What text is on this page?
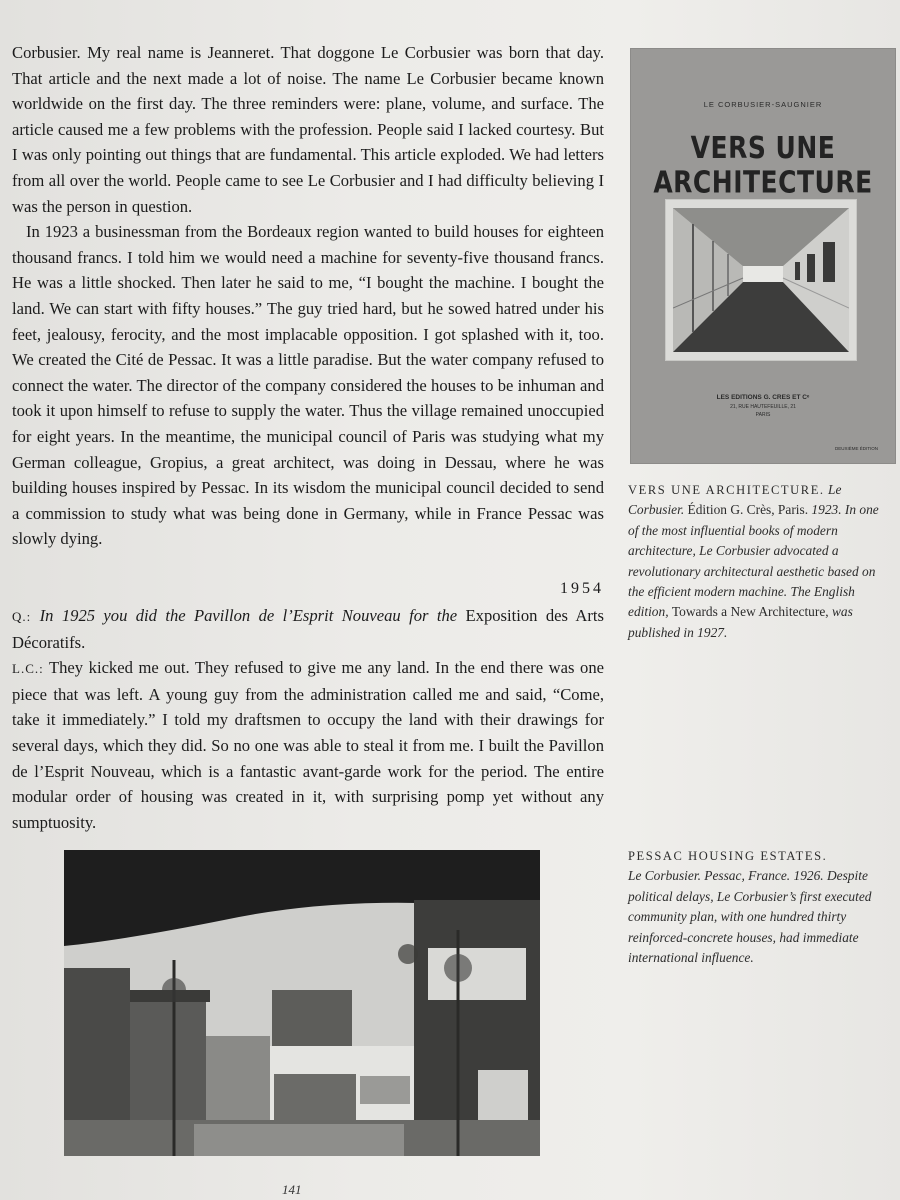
Corbusier. My real name is Jeanneret. That doggone Le Corbusier was born that day. That article and the next made a lot of noise. The name Le Corbusier became known worldwide on the first day. The three reminders were: plane, volume, and surface. The article caused me a few problems with the profession. People said I lacked courtesy. But I was only pointing out things that are fundamental. This article exploded. We had letters from all over the world. People came to see Le Corbusier and I had difficulty believing I was the person in question.

In 1923 a businessman from the Bordeaux region wanted to build houses for eighteen thousand francs. I told him we would need a machine for seventy-five thousand francs. He was a little shocked. Then later he said to me, “I bought the machine. I bought the land. We can start with fifty houses.” The guy tried hard, but he sowed hatred under his feet, jealousy, ferocity, and the most implacable opposition. I got splashed with it, too. We created the Cité de Pessac. It was a little paradise. But the water company refused to connect the water. The director of the company considered the houses to be inhuman and took it upon himself to refuse to supply the water. Thus the village remained unoccupied for eight years. In the meantime, the municipal council of Paris was studying what my German colleague, Gropius, a great architect, was doing in Dessau, where he was building houses inspired by Pessac. In its wisdom the municipal council decided to send a commission to study what was being done in Germany, while in France Pessac was slowly dying.

1954

Q.: In 1925 you did the Pavillon de l’Esprit Nouveau for the Exposition des Arts Décoratifs.

L.C.: They kicked me out. They refused to give me any land. In the end there was one piece that was left. A young guy from the administration called me and said, “Come, take it immediately.” I told my draftsmen to occupy the land with their drawings for several days, which they did. So no one was able to steal it from me. I built the Pavillon de l’Esprit Nouveau, which is a fantastic avant-garde work for the period. The entire modular order of housing was created in it, with surprising pomp yet without any sumptuosity.

LE CORBUSIER-SAUGNIER
VERS UNE ARCHITECTURE
LES EDITIONS G. CRES ET Cᵉ
21, RUE HAUTEFEUILLE, 21
PARIS
DEUXIÈME ÉDITION
VERS UNE ARCHITECTURE. Le Corbusier. Édition G. Crès, Paris. 1923. In one of the most influential books of modern architecture, Le Corbusier advocated a revolutionary architectural aesthetic based on the efficient modern machine. The English edition, Towards a New Architecture, was published in 1927.
PESSAC HOUSING ESTATES.
Le Corbusier. Pessac, France. 1926. Despite political delays, Le Corbusier’s first executed community plan, with one hundred thirty reinforced-concrete houses, had immediate international influence.
141
